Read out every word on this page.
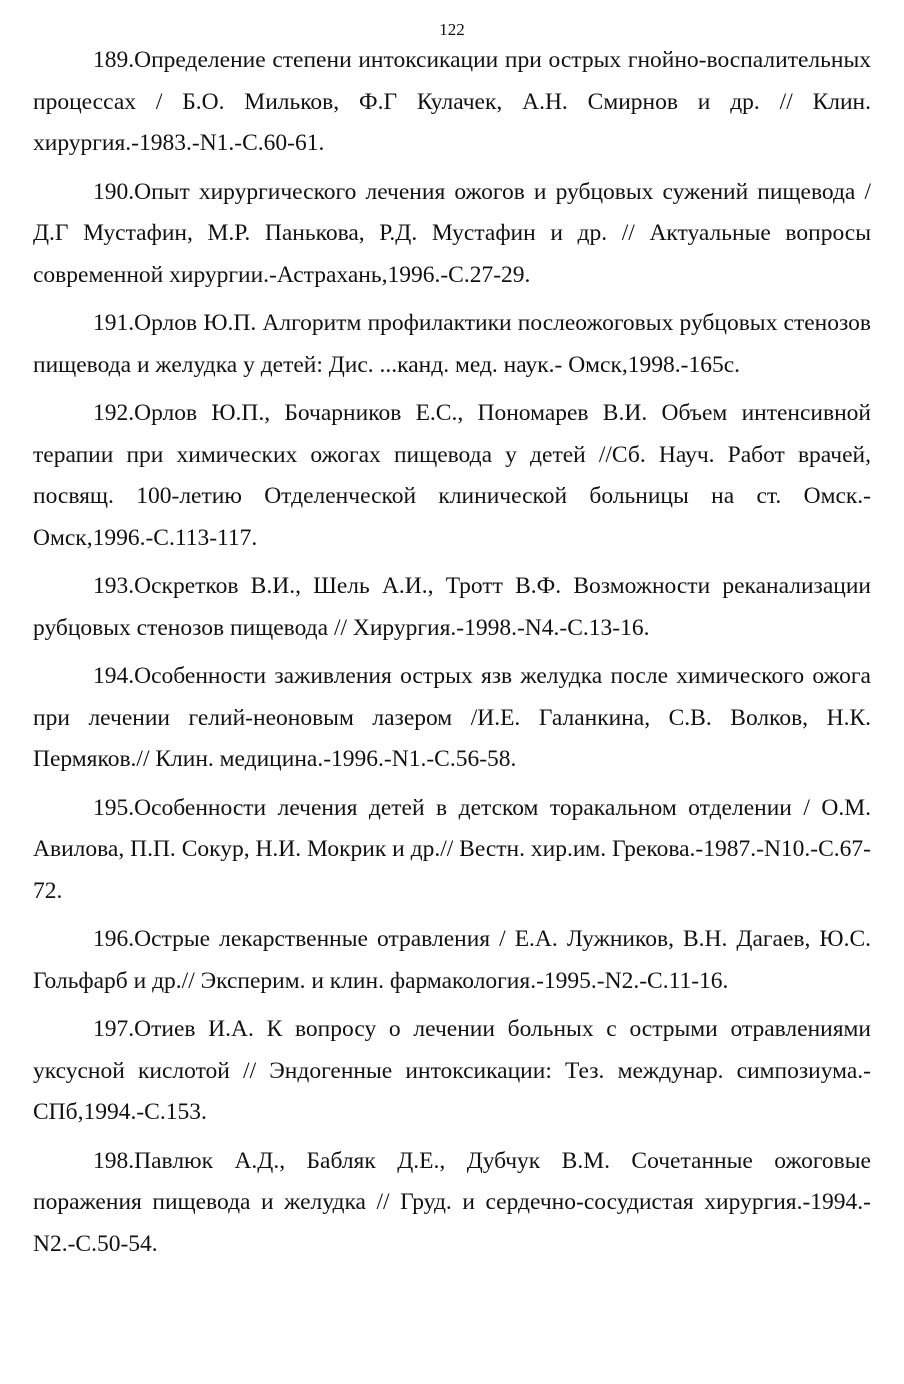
122

189.Определение степени интоксикации при острых гнойно-воспалительных процессах / Б.О. Мильков, Ф.Г Кулачек, А.Н. Смирнов и др. // Клин. хирургия.-1983.-N1.-С.60-61.

190.Опыт хирургического лечения ожогов и рубцовых сужений пищевода /Д.Г Мустафин, М.Р. Панькова, Р.Д. Мустафин и др. // Актуальные вопросы современной хирургии.-Астрахань,1996.-С.27-29.

191.Орлов Ю.П. Алгоритм профилактики послеожоговых рубцовых стенозов пищевода и желудка у детей: Дис. ...канд. мед. наук.- Омск,1998.-165с.

192.Орлов Ю.П., Бочарников Е.С., Пономарев В.И. Объем интенсивной терапии при химических ожогах пищевода у детей //Сб. Науч. Работ врачей, посвящ. 100-летию Отделенческой клинической больницы на ст. Омск.-Омск,1996.-С.113-117.

193.Оскретков В.И., Шель А.И., Тротт В.Ф. Возможности реканализации рубцовых стенозов пищевода // Хирургия.-1998.-N4.-С.13-16.

194.Особенности заживления острых язв желудка после химического ожога при лечении гелий-неоновым лазером /И.Е. Галанкина, С.В. Волков, Н.К. Пермяков.// Клин. медицина.-1996.-N1.-С.56-58.

195.Особенности лечения детей в детском торакальном отделении / О.М. Авилова, П.П. Сокур, Н.И. Мокрик и др.// Вестн. хир.им. Грекова.-1987.-N10.-С.67-72.

196.Острые лекарственные отравления / Е.А. Лужников, В.Н. Дагаев, Ю.С. Гольфарб и др.// Эксперим. и клин. фармакология.-1995.-N2.-С.11-16.

197.Отиев И.А. К вопросу о лечении больных с острыми отравлениями уксусной кислотой // Эндогенные интоксикации: Тез. междунар. симпозиума.-СПб,1994.-С.153.

198.Павлюк А.Д., Бабляк Д.Е., Дубчук В.М. Сочетанные ожоговые поражения пищевода и желудка // Груд. и сердечно-сосудистая хирургия.-1994.-N2.-С.50-54.
